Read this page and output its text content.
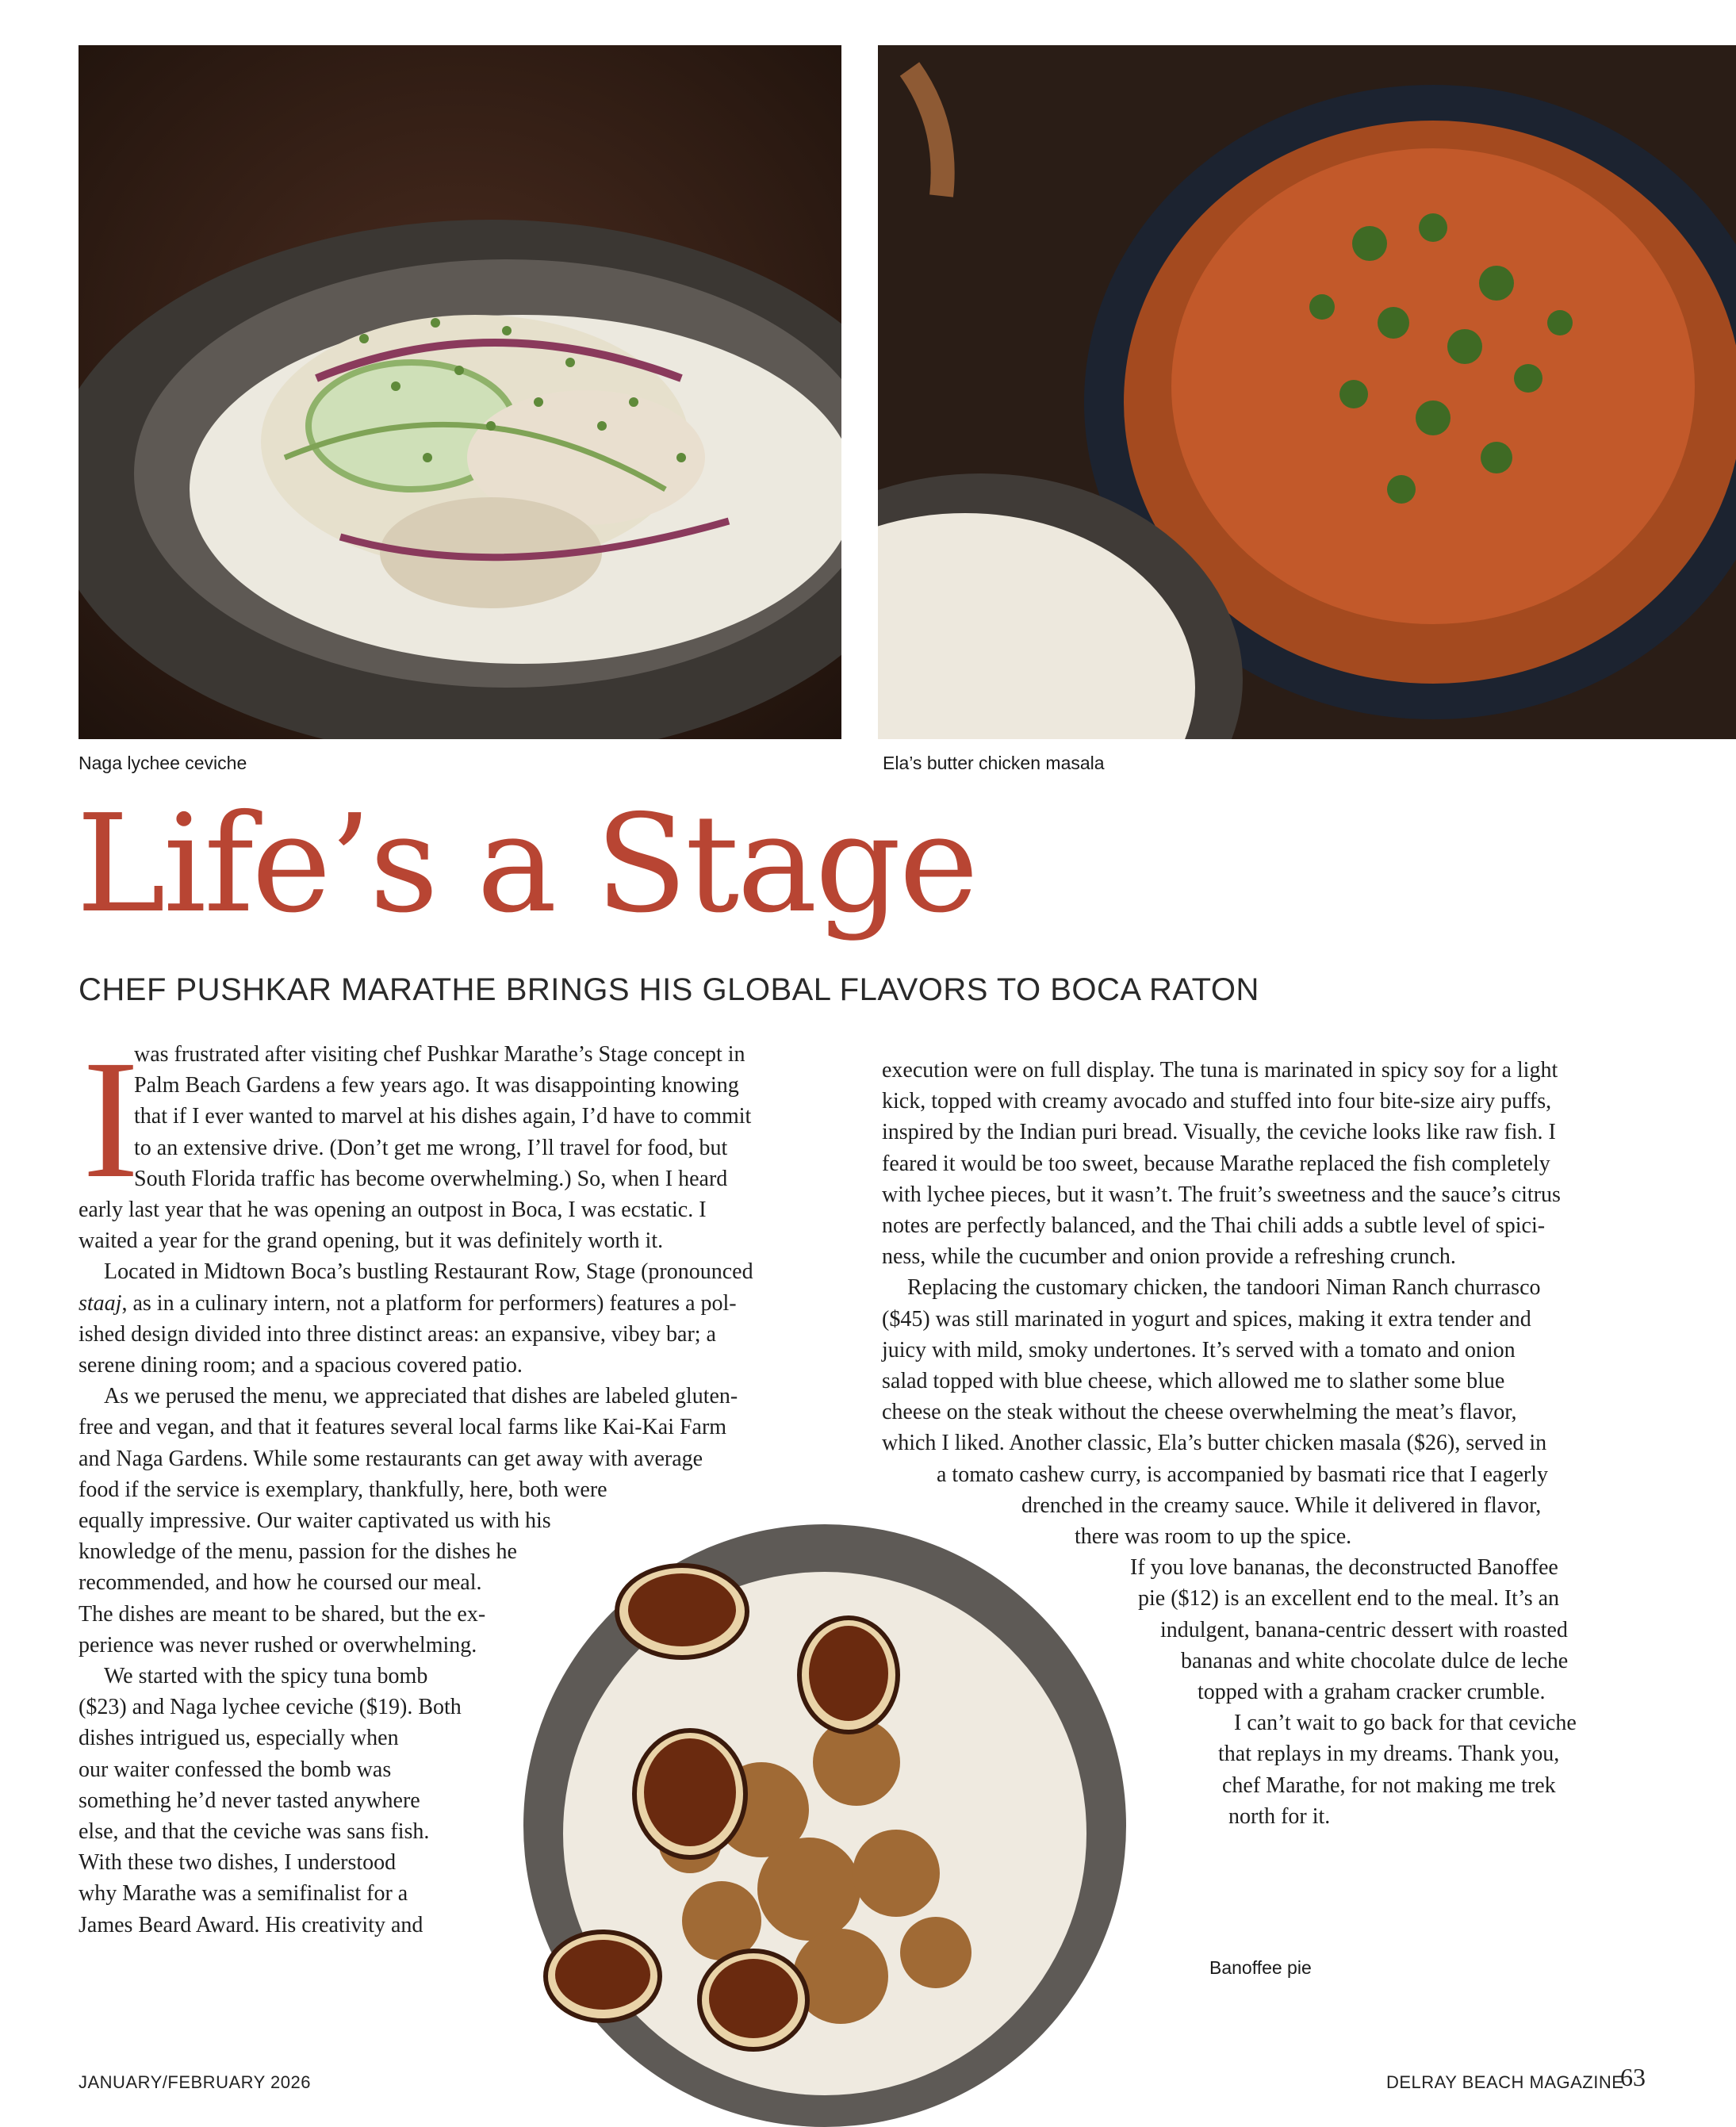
Naga lychee ceviche	Ela’s butter chicken masala
Banoffee pie
Life’s a Stage
CHEF PUSHKAR MARATHE BRINGS HIS GLOBAL FLAVORS TO BOCA RATON
I
was frustrated after visiting chef Pushkar Marathe’s Stage concept in
Palm Beach Gardens a few years ago. It was disappointing knowing
that if I ever wanted to marvel at his dishes again, I’d have to commit
to an extensive drive. (Don’t get me wrong, I’ll travel for food, but
South Florida traffic has become overwhelming.) So, when I heard
early last year that he was opening an outpost in Boca, I was ecstatic. I
waited a year for the grand opening, but it was definitely worth it.
Located in Midtown Boca’s bustling Restaurant Row, Stage (pronounced
staaj, as in a culinary intern, not a platform for performers) features a pol-
ished design divided into three distinct areas: an expansive, vibey bar; a
serene dining room; and a spacious covered patio.
As we perused the menu, we appreciated that dishes are labeled gluten-
free and vegan, and that it features several local farms like Kai-Kai Farm
and Naga Gardens. While some restaurants can get away with average
food if the service is exemplary, thankfully, here, both were
equally impressive. Our waiter captivated us with his
knowledge of the menu, passion for the dishes he
recommended, and how he coursed our meal.
The dishes are meant to be shared, but the ex-
perience was never rushed or overwhelming.
We started with the spicy tuna bomb
($23) and Naga lychee ceviche ($19). Both
dishes intrigued us, especially when
our waiter confessed the bomb was
something he’d never tasted anywhere
else, and that the ceviche was sans fish.
With these two dishes, I understood
why Marathe was a semifinalist for a
James Beard Award. His creativity and
execution were on full display. The tuna is marinated in spicy soy for a light
kick, topped with creamy avocado and stuffed into four bite-size airy puffs,
inspired by the Indian puri bread. Visually, the ceviche looks like raw fish. I
feared it would be too sweet, because Marathe replaced the fish completely
with lychee pieces, but it wasn’t. The fruit’s sweetness and the sauce’s citrus
notes are perfectly balanced, and the Thai chili adds a subtle level of spici-
ness, while the cucumber and onion provide a refreshing crunch.
Replacing the customary chicken, the tandoori Niman Ranch churrasco
($45) was still marinated in yogurt and spices, making it extra tender and
juicy with mild, smoky undertones. It’s served with a tomato and onion
salad topped with blue cheese, which allowed me to slather some blue
cheese on the steak without the cheese overwhelming the meat’s flavor,
which I liked. Another classic, Ela’s butter chicken masala ($26), served in
a tomato cashew curry, is accompanied by basmati rice that I eagerly
drenched in the creamy sauce. While it delivered in flavor,
there was room to up the spice.
If you love bananas, the deconstructed Banoffee
pie ($12) is an excellent end to the meal. It’s an
indulgent, banana-centric dessert with roasted
bananas and white chocolate dulce de leche
topped with a graham cracker crumble.
I can’t wait to go back for that ceviche
that replays in my dreams. Thank you,
chef Marathe, for not making me trek
north for it.
JANUARY/FEBRUARY 2026	DELRAY BEACH MAGAZINE
63
